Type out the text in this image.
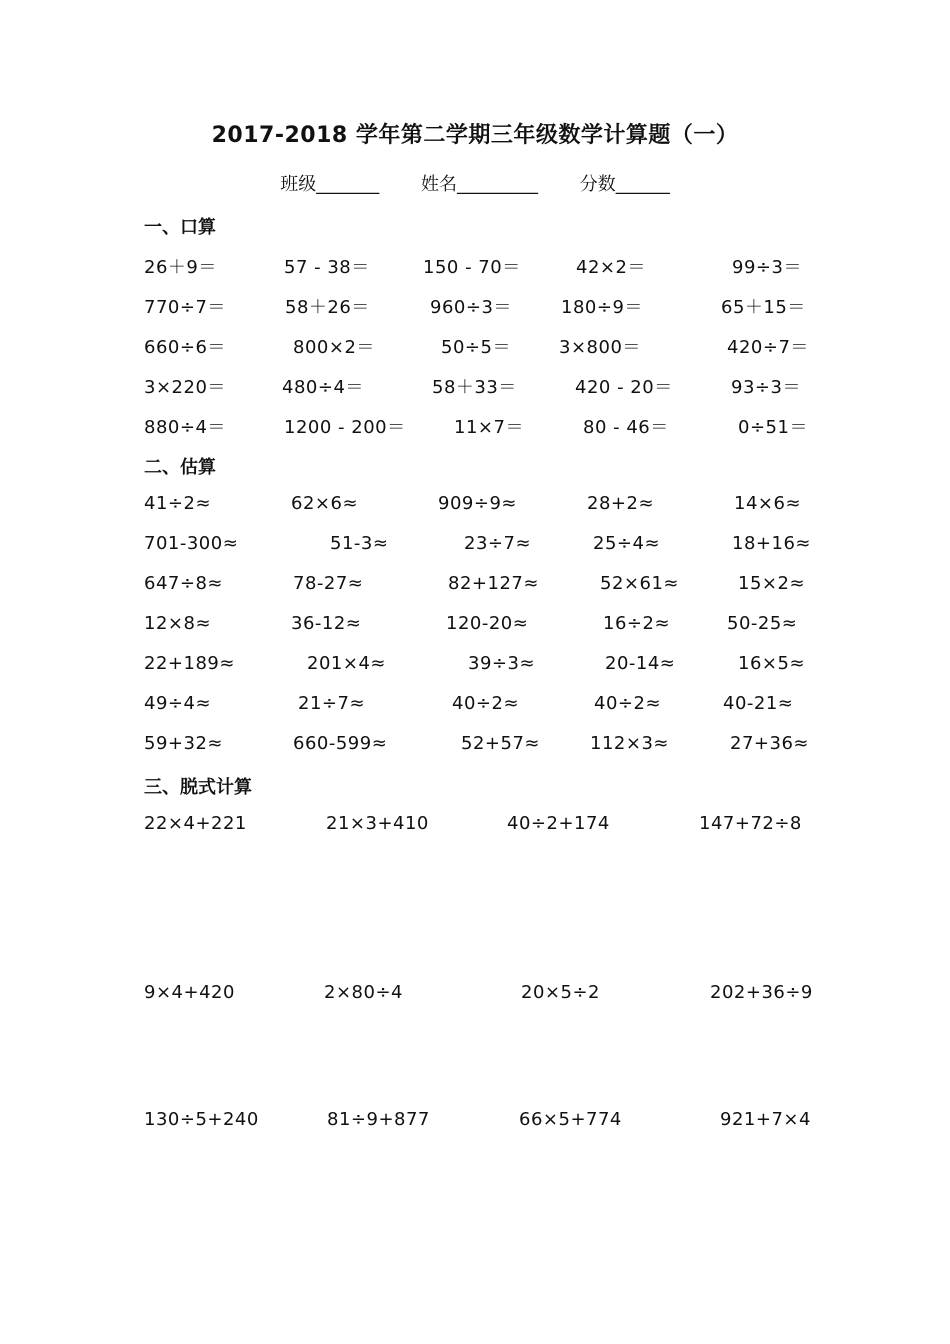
2017-2018 学年第二学期三年级数学计算题（一）
班级_______ 姓名_________ 分数______
一、口算
26＋9＝	57 - 38＝	150 - 70＝	42×2＝	99÷3＝
770÷7＝	58＋26＝	960÷3＝	180÷9＝	65＋15＝
660÷6＝	800×2＝	50÷5＝	3×800＝	420÷7＝
3×220＝	480÷4＝	58＋33＝	420 - 20＝	93÷3＝
880÷4＝	1200 - 200＝	11×7＝	80 - 46＝	0÷51＝
二、估算
41÷2≈	62×6≈	909÷9≈	28+2≈	14×6≈
701-300≈	51-3≈	23÷7≈	25÷4≈	18+16≈
647÷8≈	78-27≈	82+127≈	52×61≈	15×2≈
12×8≈	36-12≈	120-20≈	16÷2≈	50-25≈
22+189≈	201×4≈	39÷3≈	20-14≈	16×5≈
49÷4≈	21÷7≈	40÷2≈	40÷2≈	40-21≈
59+32≈	660-599≈	52+57≈	112×3≈	27+36≈
三、脱式计算
22×4+221	21×3+410	40÷2+174	147+72÷8
9×4+420	2×80÷4	20×5÷2	202+36÷9
130÷5+240	81÷9+877	66×5+774	921+7×4
